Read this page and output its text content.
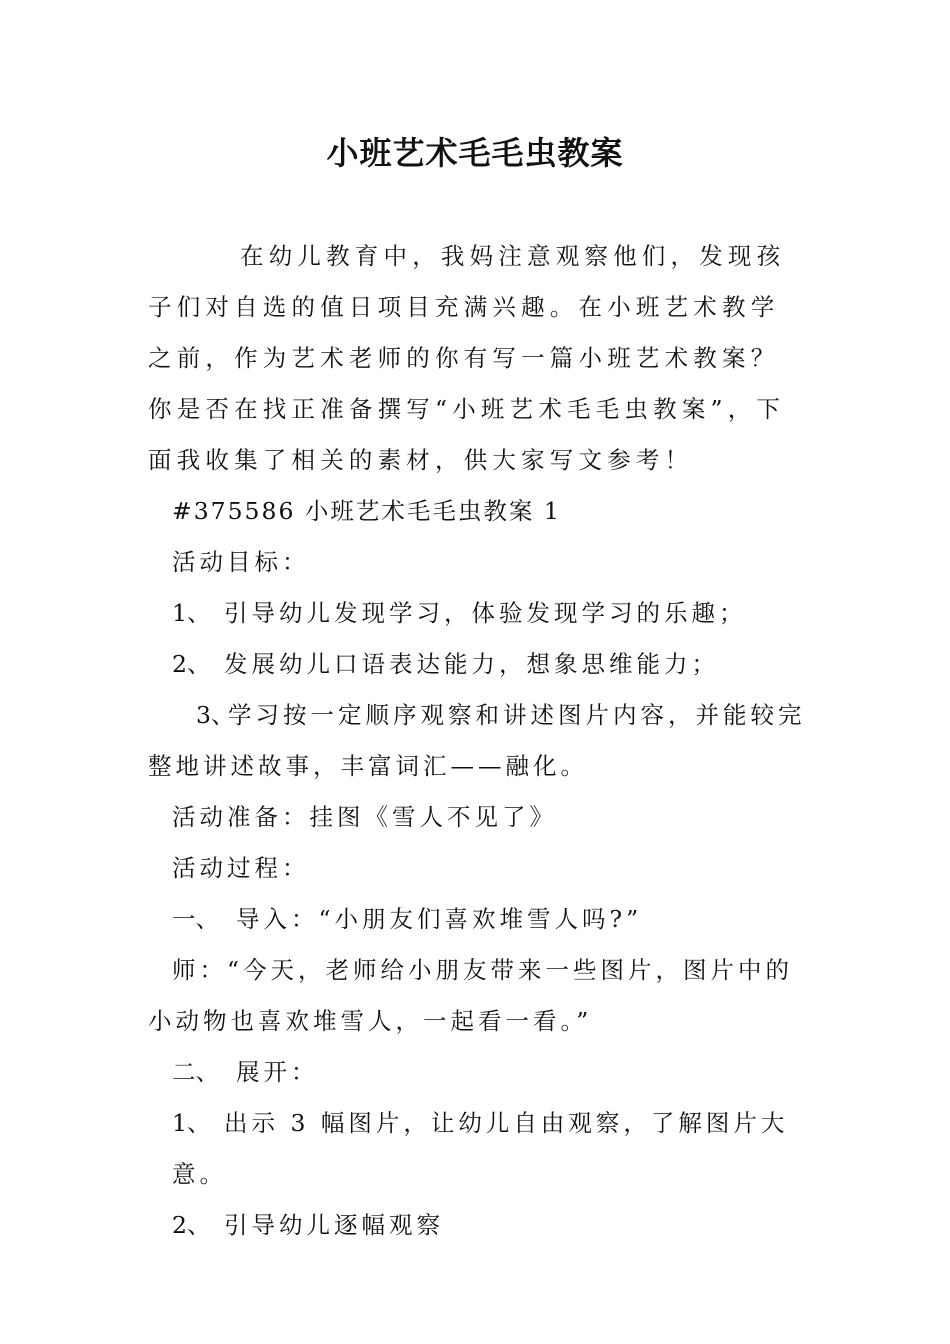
小班艺术毛毛虫教案

在幼儿教育中，我妈注意观察他们，发现孩子们对自选的值日项目充满兴趣。在小班艺术教学之前，作为艺术老师的你有写一篇小班艺术教案？你是否在找正准备撰写“小班艺术毛毛虫教案”，下面我收集了相关的素材，供大家写文参考！

#375586 小班艺术毛毛虫教案 1

活动目标：

1、 引导幼儿发现学习，体验发现学习的乐趣；

2、 发展幼儿口语表达能力，想象思维能力；

3、学习按一定顺序观察和讲述图片内容，并能较完整地讲述故事，丰富词汇——融化。

活动准备：挂图《雪人不见了》

活动过程：

一、 导入：“小朋友们喜欢堆雪人吗?”

师：“今天，老师给小朋友带来一些图片，图片中的小动物也喜欢堆雪人，一起看一看。”

二、 展开：

1、 出示 3 幅图片，让幼儿自由观察，了解图片大意。

2、 引导幼儿逐幅观察
